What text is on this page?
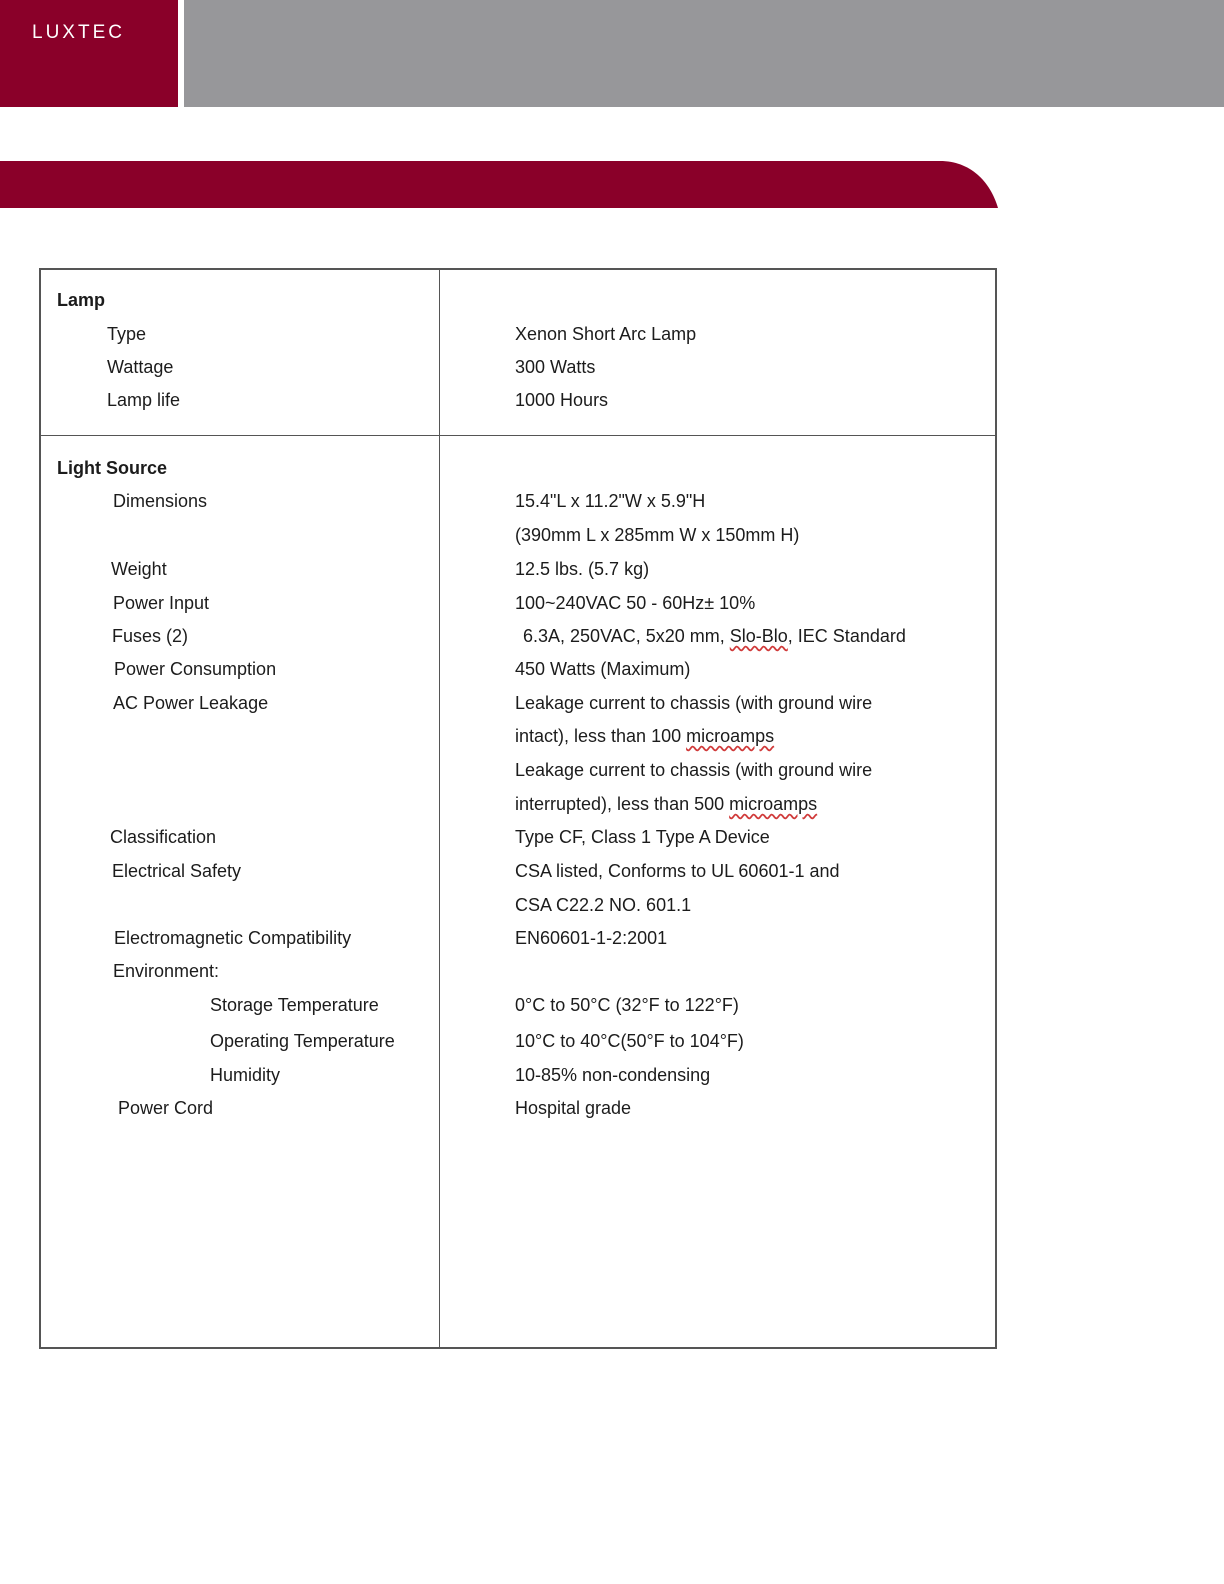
LUXTEC
Lamp
Type	Xenon Short Arc Lamp
Wattage	300 Watts
Lamp life	1000 Hours
Light Source
Dimensions	15.4"L x 11.2"W x 5.9"H
(390mm L x 285mm W x 150mm H)
Weight	12.5 lbs. (5.7 kg)
Power Input	100~240VAC 50 - 60Hz± 10%
Fuses (2)	6.3A, 250VAC, 5x20 mm, Slo-Blo, IEC Standard
Power Consumption	450 Watts (Maximum)
AC Power Leakage	Leakage current to chassis (with ground wire
intact), less than 100 microamps
Leakage current to chassis (with ground wire
interrupted), less than 500 microamps
Classification	Type CF, Class 1 Type A Device
Electrical Safety	CSA listed, Conforms to UL 60601-1 and
CSA C22.2 NO. 601.1
Electromagnetic Compatibility	EN60601-1-2:2001
Environment:
Storage Temperature	0°C to 50°C (32°F to 122°F)
Operating Temperature	10°C to 40°C(50°F to 104°F)
Humidity	10-85% non-condensing
Power Cord	Hospital grade
